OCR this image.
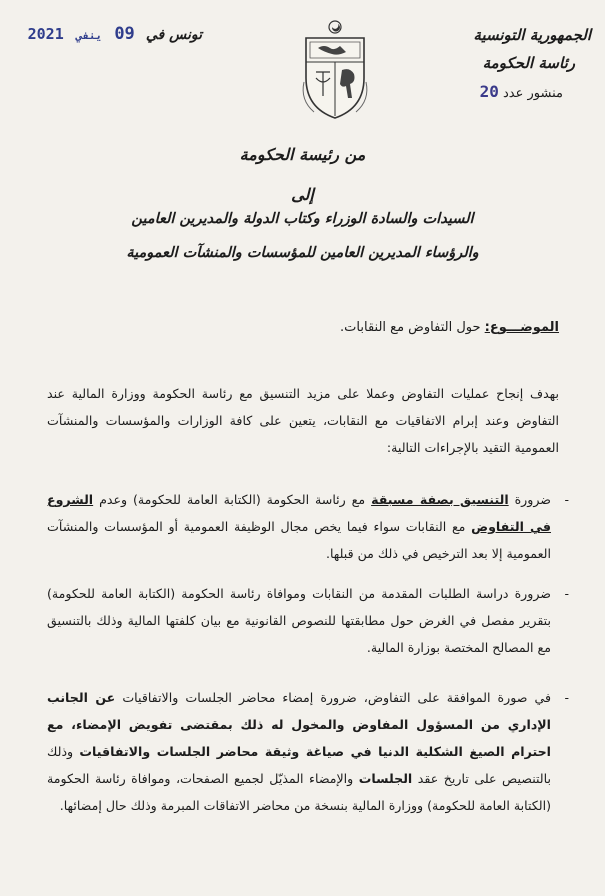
الجمهورية التونسية
رئاسة الحكومة
منشور عدد 20
تونس في 09 ينفي 2021
من رئيسة الحكومة
إلى
السيدات والسادة الوزراء وكتاب الدولة والمديرين العامين
والرؤساء المديرين العامين للمؤسسات والمنشآت العمومية
الموضـــوع: حول التفاوض مع النقابات.
بهدف إنجاح عمليات التفاوض وعملا على مزيد التنسيق مع رئاسة الحكومة ووزارة المالية عند التفاوض وعند إبرام الاتفاقيات مع النقابات، يتعين على كافة الوزارات والمؤسسات والمنشآت العمومية التقيد بالإجراءات التالية:
-
ضرورة التنسيق بصفة مسبقة مع رئاسة الحكومة (الكتابة العامة للحكومة) وعدم الشروع في التفاوض مع النقابات سواء فيما يخص مجال الوظيفة العمومية أو المؤسسات والمنشآت العمومية إلا بعد الترخيص في ذلك من قبلها.
-
ضرورة دراسة الطلبات المقدمة من النقابات وموافاة رئاسة الحكومة (الكتابة العامة للحكومة) بتقرير مفصل في الغرض حول مطابقتها للنصوص القانونية مع بيان كلفتها المالية وذلك بالتنسيق مع المصالح المختصة بوزارة المالية.
-
في صورة الموافقة على التفاوض، ضرورة إمضاء محاضر الجلسات والاتفاقيات عن الجانب الإداري من المسؤول المفاوض والمخول له ذلك بمقتضى تفويض الإمضاء، مع احترام الصيغ الشكلية الدنيا في صياغة وثيقة محاضر الجلسات والاتفاقيات وذلك بالتنصيص على تاريخ عقد الجلسات والإمضاء المذيّل لجميع الصفحات، وموافاة رئاسة الحكومة (الكتابة العامة للحكومة) ووزارة المالية بنسخة من محاضر الاتفاقات المبرمة وذلك حال إمضائها.
